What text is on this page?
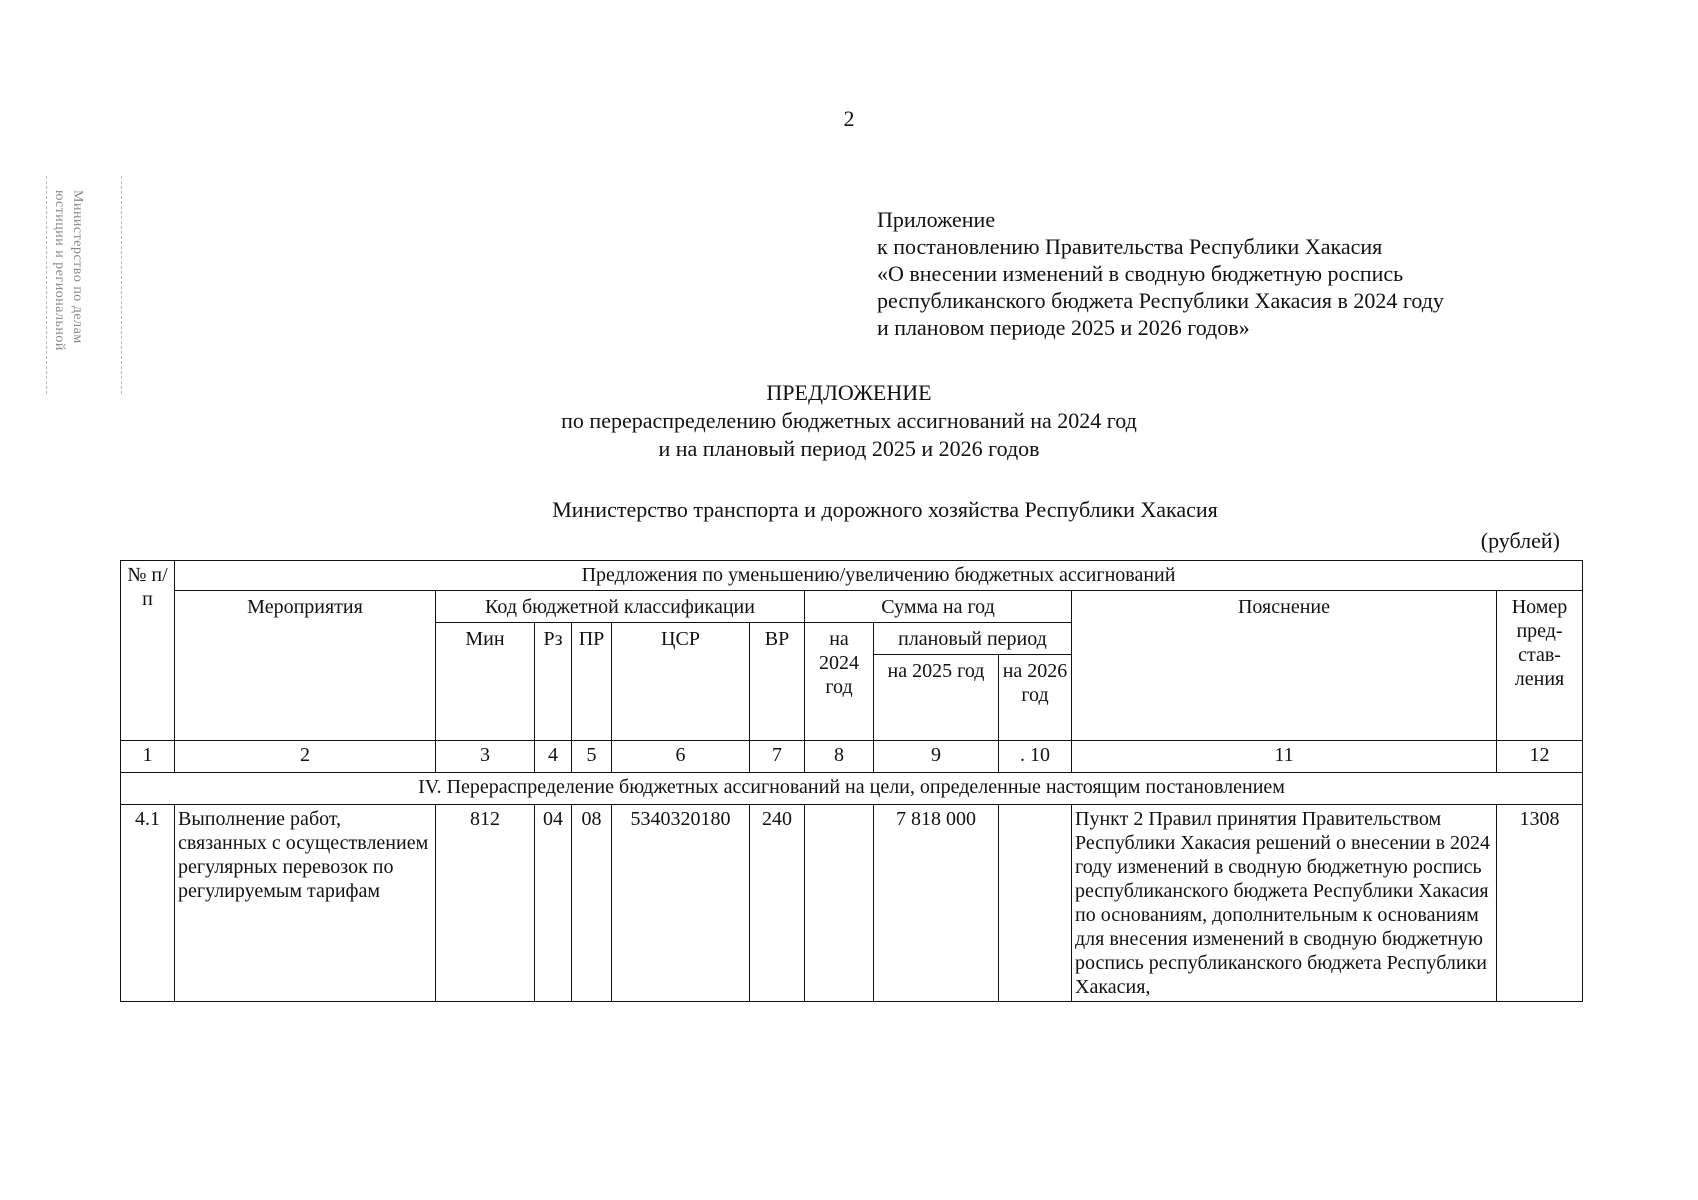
2
Министерство по делам
юстиции и региональной	Приложение
к постановлению Правительства Республики Хакасия
«О внесении изменений в сводную бюджетную роспись
республиканского бюджета Республики Хакасия в 2024 году
и плановом периоде 2025 и 2026 годов»
ПРЕДЛОЖЕНИЕ
по перераспределению бюджетных ассигнований на 2024 год
и на плановый период 2025 и 2026 годов
Министерство транспорта и дорожного хозяйства Республики Хакасия
(рублей)
№ п/п	Предложения по уменьшению/увеличению бюджетных ассигнований										
	Мероприятия	Код бюджетной классификации					Сумма на год			Пояснение	Номер пред-став-ления
		Мин	Рз	ПР	ЦСР	ВР	на 2024 год	плановый период			
								на 2025 год	на 2026 год		
1	2	3	4	5	6	7	8	9	. 10	11	12
IV. Перераспределение бюджетных ассигнований на цели, определенные настоящим постановлением											
4.1	Выполнение работ, связанных с осуществлением регулярных перевозок по регулируемым тарифам	812	04	08	5340320180	240		7 818 000		Пункт 2 Правил принятия Правительством Республики Хакасия решений о внесении в 2024 году изменений в сводную бюджетную роспись республиканского бюджета Республики Хакасия по основаниям, дополнительным к основаниям для внесения изменений в сводную бюджетную роспись республиканского бюджета Республики Хакасия,	1308
